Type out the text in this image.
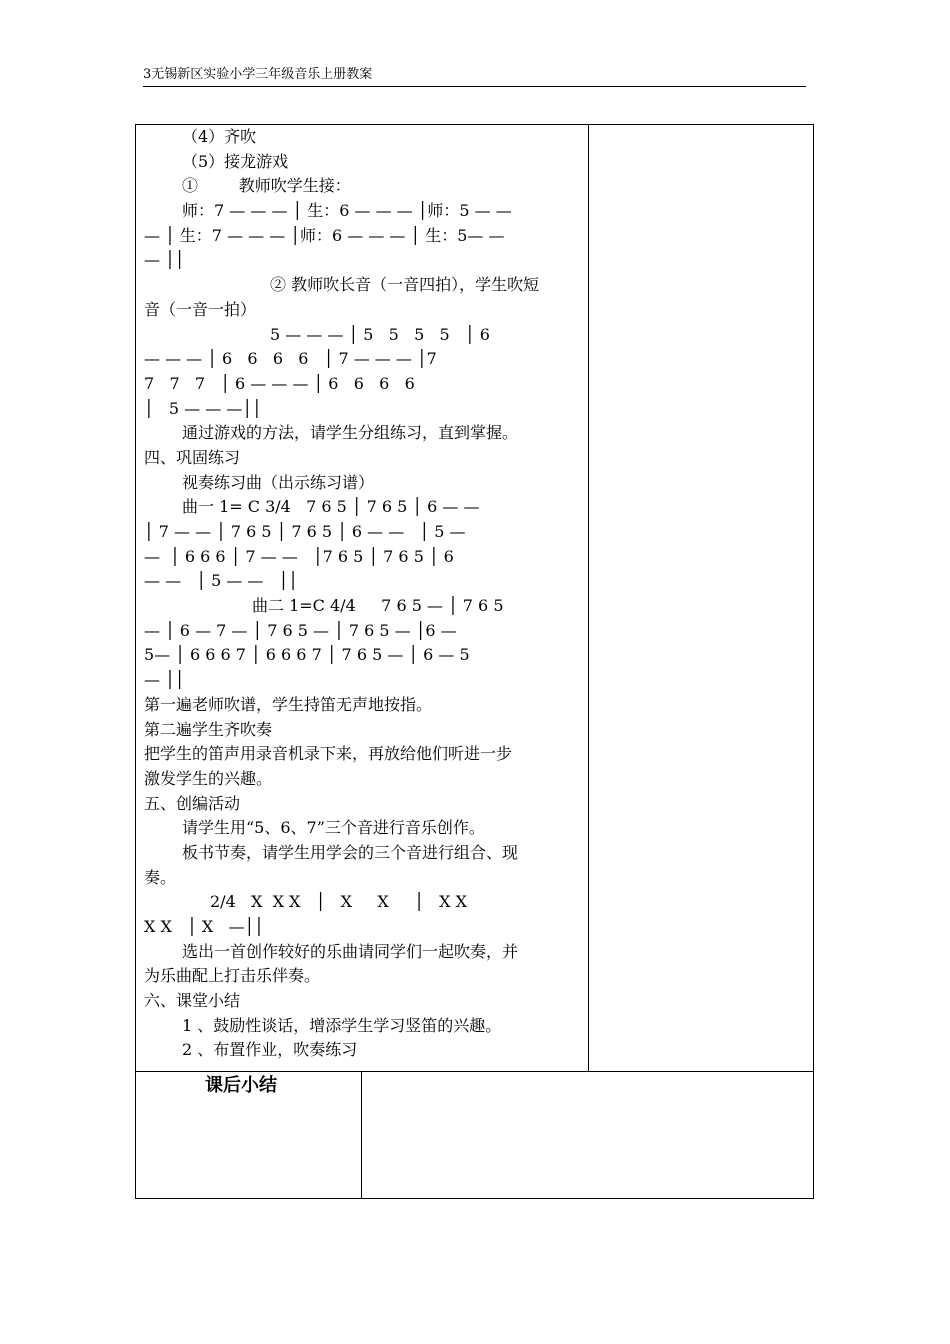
3无锡新区实验小学三年级音乐上册教案
（4）齐吹
（5）接龙游戏
①        教师吹学生接：
师：7 — — — │ 生：6 — — — │师：5 — —
— │ 生：7 — — — │师：6 — — — │ 生：5— —
— ││
② 教师吹长音（一音四拍），学生吹短
音（一音一拍）
5 — — — │ 5   5   5   5   │ 6
— — — │ 6   6   6   6   │ 7 — — — │7
7   7   7   │ 6 — — — │ 6   6   6   6
│   5 — — —││
通过游戏的方法，请学生分组练习，直到掌握。
四、巩固练习
视奏练习曲（出示练习谱）
曲一 1= C 3/4   7 6 5 │ 7 6 5 │ 6 — —
│ 7 — — │ 7 6 5 │ 7 6 5 │ 6 — —   │ 5 —
—  │ 6 6 6 │ 7 — —   │7 6 5 │ 7 6 5 │ 6
— —   │ 5 — —   ││
曲二 1=C 4/4     7 6 5 — │ 7 6 5
— │ 6 — 7 — │ 7 6 5 — │ 7 6 5 — │6 —
5— │ 6 6 6 7 │ 6 6 6 7 │ 7 6 5 — │ 6 — 5
— ││
第一遍老师吹谱，学生持笛无声地按指。
第二遍学生齐吹奏
把学生的笛声用录音机录下来，再放给他们听进一步
激发学生的兴趣。
五、创编活动
请学生用“5、6、7”三个音进行音乐创作。
板书节奏，请学生用学会的三个音进行组合、现
奏。
2/4   X  X X   │   X     X     │   X X
X X   │ X   —││
选出一首创作较好的乐曲请同学们一起吹奏，并
为乐曲配上打击乐伴奏。
六、课堂小结
1 、鼓励性谈话，增添学生学习竖笛的兴趣。
2 、布置作业，吹奏练习
课后小结
